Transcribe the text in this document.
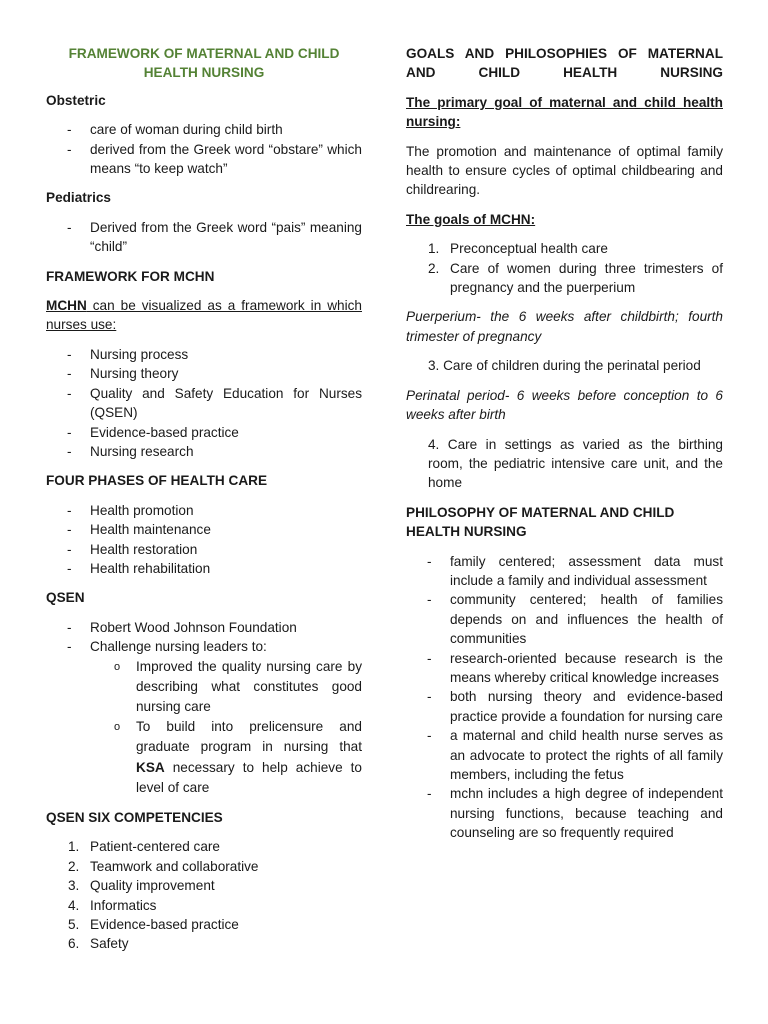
FRAMEWORK OF MATERNAL AND CHILD HEALTH NURSING
Obstetric
- care of woman during child birth
- derived from the Greek word “obstare” which means “to keep watch”
Pediatrics
- Derived from the Greek word “pais” meaning “child”
FRAMEWORK FOR MCHN
MCHN can be visualized as a framework in which nurses use:
- Nursing process
- Nursing theory
- Quality and Safety Education for Nurses (QSEN)
- Evidence-based practice
- Nursing research
FOUR PHASES OF HEALTH CARE
- Health promotion
- Health maintenance
- Health restoration
- Health rehabilitation
QSEN
- Robert Wood Johnson Foundation
- Challenge nursing leaders to:
o Improved the quality nursing care by describing what constitutes good nursing care
o To build into prelicensure and graduate program in nursing that KSA necessary to help achieve to level of care
QSEN SIX COMPETENCIES
1. Patient-centered care
2. Teamwork and collaborative
3. Quality improvement
4. Informatics
5. Evidence-based practice
6. Safety
GOALS AND PHILOSOPHIES OF MATERNAL AND CHILD HEALTH NURSING
The primary goal of maternal and child health nursing:
The promotion and maintenance of optimal family health to ensure cycles of optimal childbearing and childrearing.
The goals of MCHN:
1. Preconceptual health care
2. Care of women during three trimesters of pregnancy and the puerperium
Puerperium- the 6 weeks after childbirth; fourth trimester of pregnancy
3. Care of children during the perinatal period
Perinatal period- 6 weeks before conception to 6 weeks after birth
4. Care in settings as varied as the birthing room, the pediatric intensive care unit, and the home
PHILOSOPHY OF MATERNAL AND CHILD HEALTH NURSING
- family centered; assessment data must include a family and individual assessment
- community centered; health of families depends on and influences the health of communities
- research-oriented because research is the means whereby critical knowledge increases
- both nursing theory and evidence-based practice provide a foundation for nursing care
- a maternal and child health nurse serves as an advocate to protect the rights of all family members, including the fetus
- mchn includes a high degree of independent nursing functions, because teaching and counseling are so frequently required
